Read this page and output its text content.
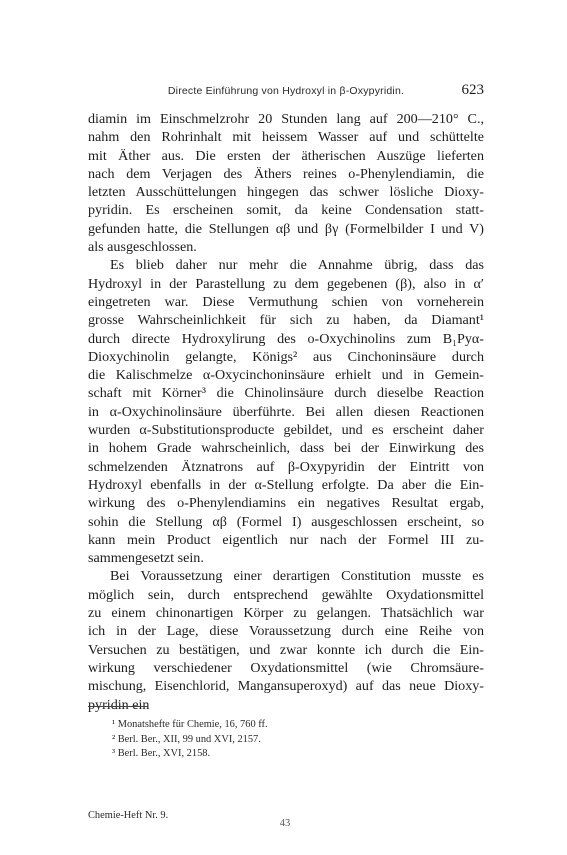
Directe Einführung von Hydroxyl in β-Oxypyridin.	623
diamin im Einschmelzrohr 20 Stunden lang auf 200—210° C.,
nahm den Rohrinhalt mit heissem Wasser auf und schüttelte
mit Äther aus. Die ersten der ätherischen Auszüge lieferten
nach dem Verjagen des Äthers reines o-Phenylendiamin, die
letzten Ausschüttelungen hingegen das schwer lösliche Dioxy-
pyridin. Es erscheinen somit, da keine Condensation statt-
gefunden hatte, die Stellungen αβ und βγ (Formelbilder I und V)
als ausgeschlossen.
Es blieb daher nur mehr die Annahme übrig, dass das
Hydroxyl in der Parastellung zu dem gegebenen (β), also in α′
eingetreten war. Diese Vermuthung schien von vorneherein
grosse Wahrscheinlichkeit für sich zu haben, da Diamant¹
durch directe Hydroxylirung des o-Oxychinolins zum B₁Pyα-
Dioxychinolin gelangte, Königs² aus Cinchoninsäure durch
die Kalischmelze α-Oxycinchoninsäure erhielt und in Gemein-
schaft mit Körner³ die Chinolinsäure durch dieselbe Reaction
in α-Oxychinolinsäure überführte. Bei allen diesen Reactionen
wurden α-Substitutionsproducte gebildet, und es erscheint daher
in hohem Grade wahrscheinlich, dass bei der Einwirkung des
schmelzenden Ätznatrons auf β-Oxypyridin der Eintritt von
Hydroxyl ebenfalls in der α-Stellung erfolgte. Da aber die Ein-
wirkung des o-Phenylendiamins ein negatives Resultat ergab,
sohin die Stellung αβ (Formel I) ausgeschlossen erscheint, so
kann mein Product eigentlich nur nach der Formel III zu-
sammengesetzt sein.
Bei Voraussetzung einer derartigen Constitution musste es
möglich sein, durch entsprechend gewählte Oxydationsmittel
zu einem chinonartigen Körper zu gelangen. Thatsächlich war
ich in der Lage, diese Voraussetzung durch eine Reihe von
Versuchen zu bestätigen, und zwar konnte ich durch die Ein-
wirkung verschiedener Oxydationsmittel (wie Chromsäure-
mischung, Eisenchlorid, Mangansuperoxyd) auf das neue Dioxy-
pyridin ein
¹ Monatshefte für Chemie, 16, 760 ff.
² Berl. Ber., XII, 99 und XVI, 2157.
³ Berl. Ber., XVI, 2158.
Chemie-Heft Nr. 9.
43
